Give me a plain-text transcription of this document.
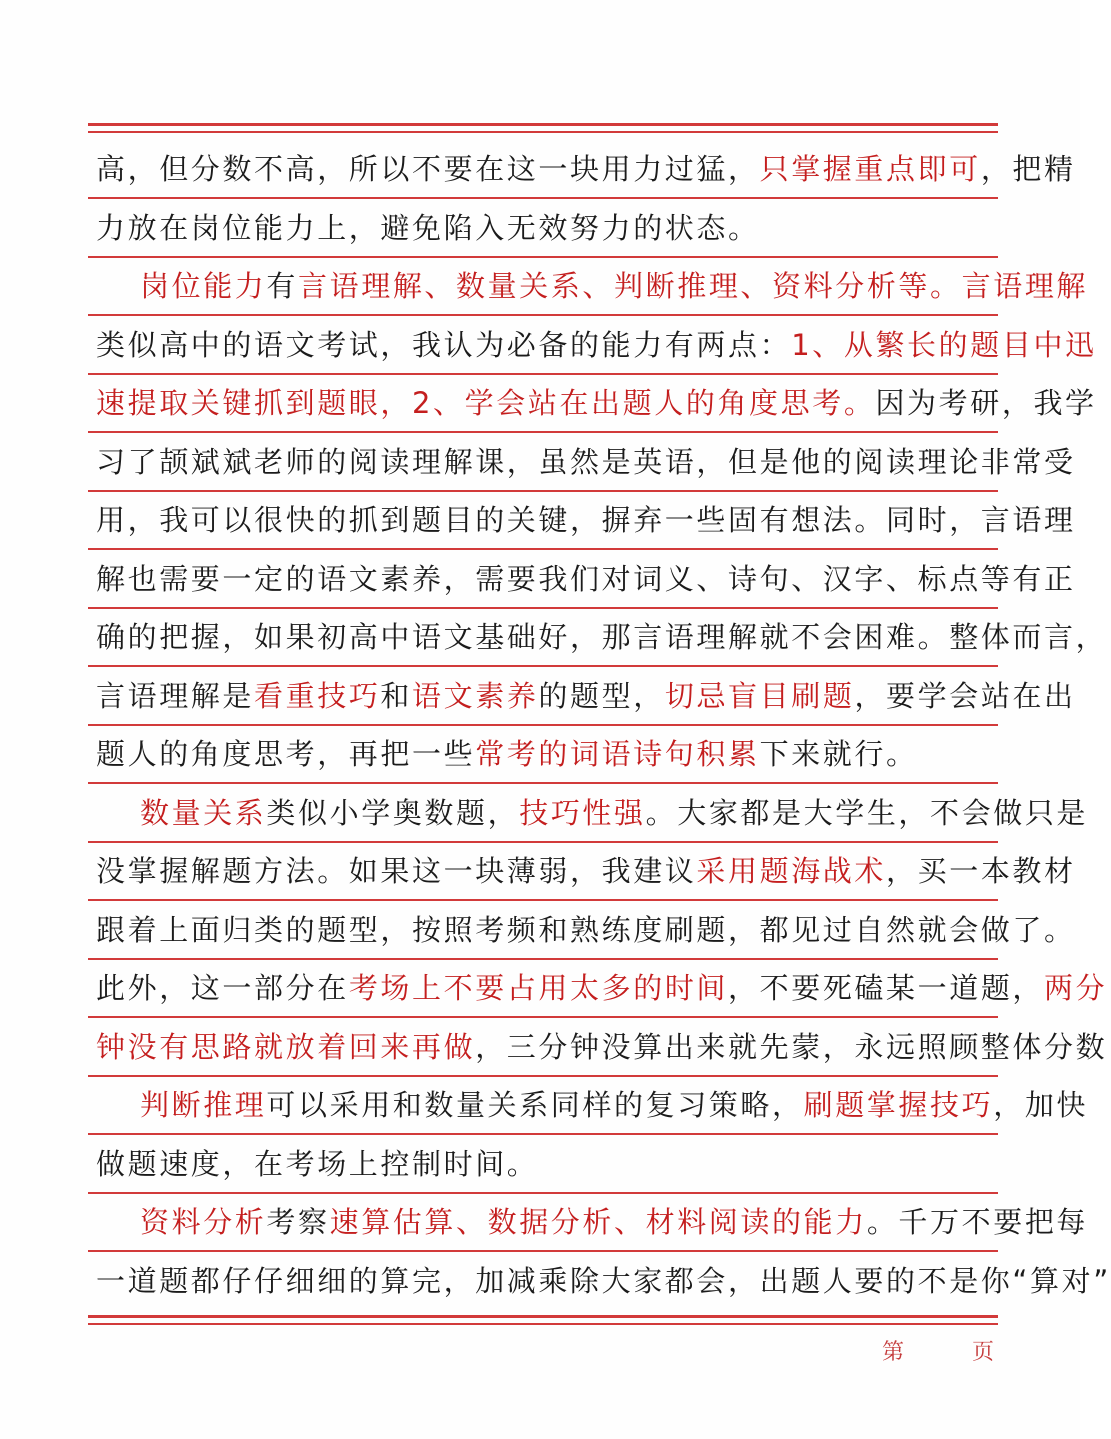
高，但分数不高，所以不要在这一块用力过猛，只掌握重点即可，把精
力放在岗位能力上，避免陷入无效努力的状态。
岗位能力有言语理解、数量关系、判断推理、资料分析等。言语理解
类似高中的语文考试，我认为必备的能力有两点：1、从繁长的题目中迅
速提取关键抓到题眼，2、学会站在出题人的角度思考。因为考研，我学
习了颉斌斌老师的阅读理解课，虽然是英语，但是他的阅读理论非常受
用，我可以很快的抓到题目的关键，摒弃一些固有想法。同时，言语理
解也需要一定的语文素养，需要我们对词义、诗句、汉字、标点等有正
确的把握，如果初高中语文基础好，那言语理解就不会困难。整体而言，
言语理解是看重技巧和语文素养的题型，切忌盲目刷题，要学会站在出
题人的角度思考，再把一些常考的词语诗句积累下来就行。
数量关系类似小学奥数题，技巧性强。大家都是大学生，不会做只是
没掌握解题方法。如果这一块薄弱，我建议采用题海战术，买一本教材
跟着上面归类的题型，按照考频和熟练度刷题，都见过自然就会做了。
此外，这一部分在考场上不要占用太多的时间，不要死磕某一道题，两分
钟没有思路就放着回来再做，三分钟没算出来就先蒙，永远照顾整体分数
判断推理可以采用和数量关系同样的复习策略，刷题掌握技巧，加快
做题速度，在考场上控制时间。
资料分析考察速算估算、数据分析、材料阅读的能力。千万不要把每
一道题都仔仔细细的算完，加减乘除大家都会，出题人要的不是你“算对”
第	页
